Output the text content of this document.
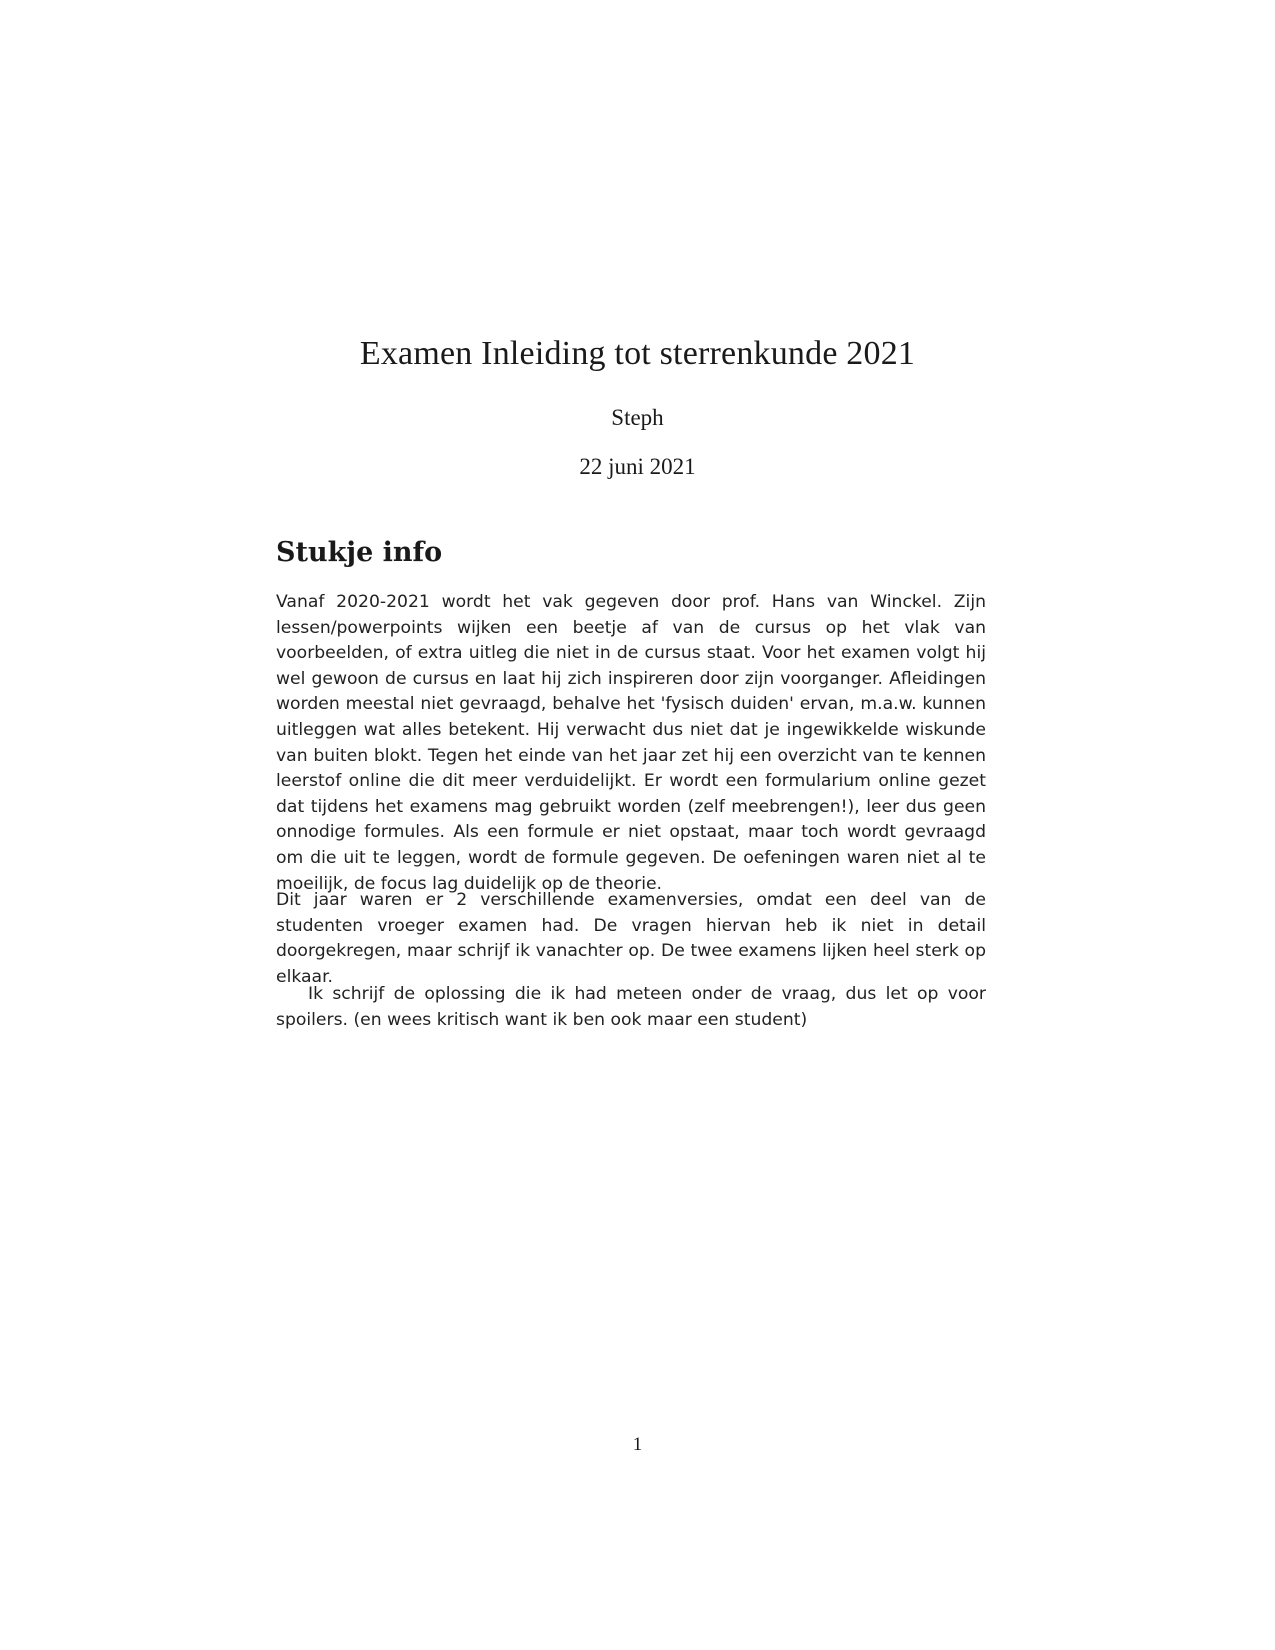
Examen Inleiding tot sterrenkunde 2021
Steph
22 juni 2021
Stukje info

Vanaf 2020-2021 wordt het vak gegeven door prof. Hans van Winckel. Zijn lessen/powerpoints wijken een beetje af van de cursus op het vlak van voorbeelden, of extra uitleg die niet in de cursus staat. Voor het examen volgt hij wel gewoon de cursus en laat hij zich inspireren door zijn voorganger. Afleidingen worden meestal niet gevraagd, behalve het 'fysisch duiden' ervan, m.a.w. kunnen uitleggen wat alles betekent. Hij verwacht dus niet dat je ingewikkelde wiskunde van buiten blokt. Tegen het einde van het jaar zet hij een overzicht van te kennen leerstof online die dit meer verduidelijkt. Er wordt een formularium online gezet dat tijdens het examens mag gebruikt worden (zelf meebrengen!), leer dus geen onnodige formules. Als een formule er niet opstaat, maar toch wordt gevraagd om die uit te leggen, wordt de formule gegeven. De oefeningen waren niet al te moeilijk, de focus lag duidelijk op de theorie.

Dit jaar waren er 2 verschillende examenversies, omdat een deel van de studenten vroeger examen had. De vragen hiervan heb ik niet in detail doorgekregen, maar schrijf ik vanachter op. De twee examens lijken heel sterk op elkaar.

Ik schrijf de oplossing die ik had meteen onder de vraag, dus let op voor spoilers. (en wees kritisch want ik ben ook maar een student)

1
